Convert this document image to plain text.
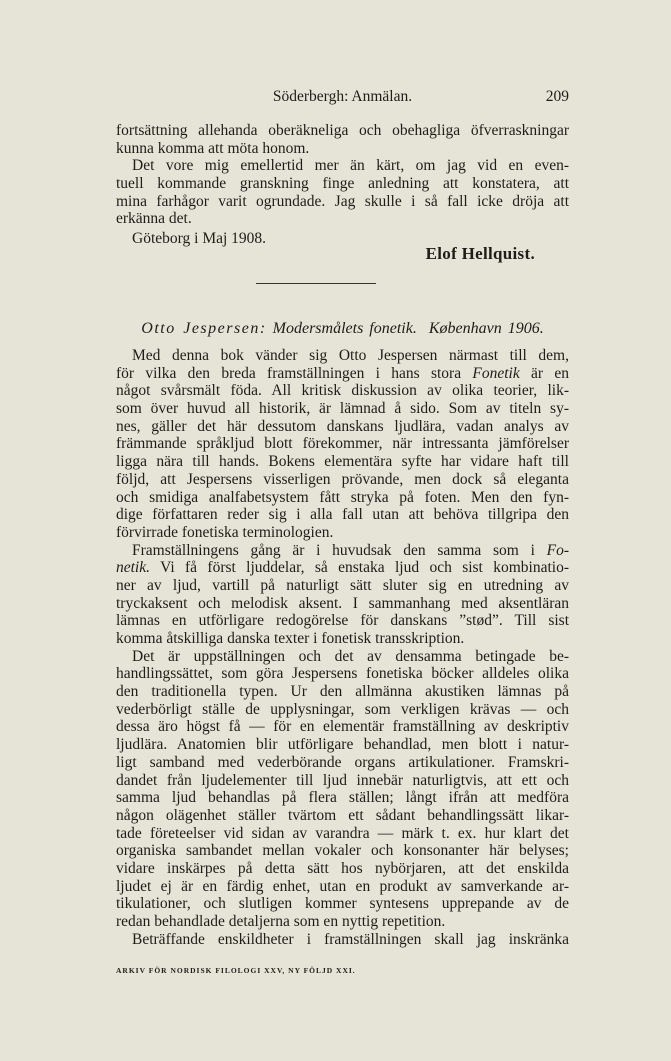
Söderbergh: Anmälan.	209
fortsättning allehanda oberäkneliga och obehagliga öfverraskningar
kunna komma att möta honom.
Det vore mig emellertid mer än kärt, om jag vid en even-
tuell kommande granskning finge anledning att konstatera, att
mina farhågor varit ogrundade. Jag skulle i så fall icke dröja att
erkänna det.
Göteborg i Maj 1908.
Elof Hellquist.
Otto Jespersen: Modersmålets fonetik. København 1906.
Med denna bok vänder sig Otto Jespersen närmast till dem,
för vilka den breda framställningen i hans stora Fonetik är en
något svårsmält föda. All kritisk diskussion av olika teorier, lik-
som över huvud all historik, är lämnad å sido. Som av titeln sy-
nes, gäller det här dessutom danskans ljudlära, vadan analys av
främmande språkljud blott förekommer, när intressanta jämförelser
ligga nära till hands. Bokens elementära syfte har vidare haft till
följd, att Jespersens visserligen prövande, men dock så eleganta
och smidiga analfabetsystem fått stryka på foten. Men den fyn-
dige författaren reder sig i alla fall utan att behöva tillgripa den
förvirrade fonetiska terminologien.
Framställningens gång är i huvudsak den samma som i Fo-
netik. Vi få först ljuddelar, så enstaka ljud och sist kombinatio-
ner av ljud, vartill på naturligt sätt sluter sig en utredning av
tryckaksent och melodisk aksent. I sammanhang med aksentläran
lämnas en utförligare redogörelse för danskans ”stød”. Till sist
komma åtskilliga danska texter i fonetisk transskription.
Det är uppställningen och det av densamma betingade be-
handlingssättet, som göra Jespersens fonetiska böcker alldeles olika
den traditionella typen. Ur den allmänna akustiken lämnas på
vederbörligt ställe de upplysningar, som verkligen krävas — och
dessa äro högst få — för en elementär framställning av deskriptiv
ljudlära. Anatomien blir utförligare behandlad, men blott i natur-
ligt samband med vederbörande organs artikulationer. Framskri-
dandet från ljudelementer till ljud innebär naturligtvis, att ett och
samma ljud behandlas på flera ställen; långt ifrån att medföra
någon olägenhet ställer tvärtom ett sådant behandlingssätt likar-
tade företeelser vid sidan av varandra — märk t. ex. hur klart det
organiska sambandet mellan vokaler och konsonanter här belyses;
vidare inskärpes på detta sätt hos nybörjaren, att det enskilda
ljudet ej är en färdig enhet, utan en produkt av samverkande ar-
tikulationer, och slutligen kommer syntesens upprepande av de
redan behandlade detaljerna som en nyttig repetition.
Beträffande enskildheter i framställningen skall jag inskränka
ARKIV FÖR NORDISK FILOLOGI XXV, NY FÖLJD XXI.
